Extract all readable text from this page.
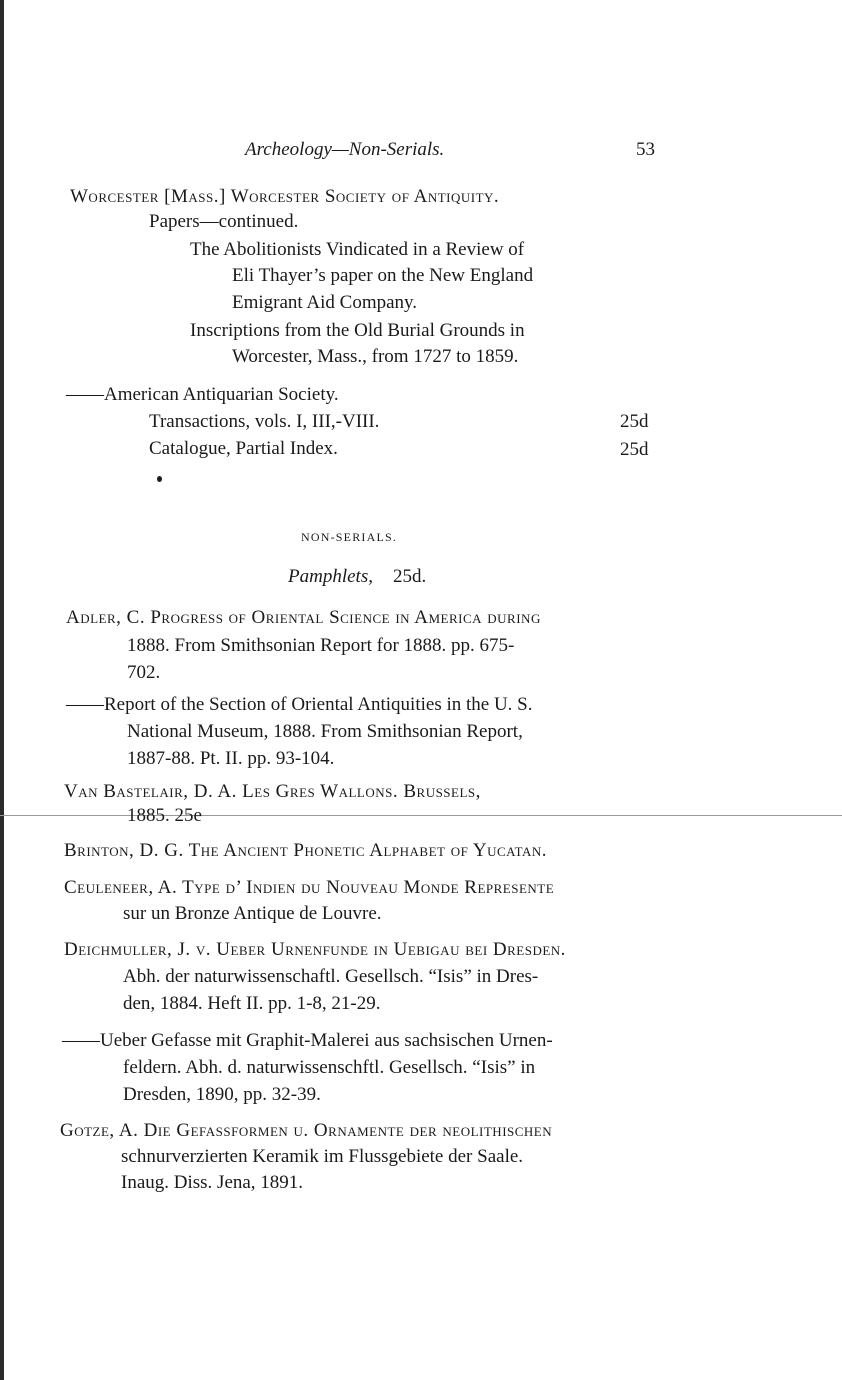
Archeology—Non-Serials.	53
Worcester [Mass.] Worcester Society of Antiquity.
Papers—continued.
The Abolitionists Vindicated in a Review of
Eli Thayer’s paper on the New England
Emigrant Aid Company.
Inscriptions from the Old Burial Grounds in
Worcester, Mass., from 1727 to 1859.
——American Antiquarian Society.
Transactions, vols. I, III,-VIII.	25d
Catalogue, Partial Index.	25d
NON-SERIALS.
Pamphlets, 25d.
Adler, C. Progress of Oriental Science in America during
1888. From Smithsonian Report for 1888. pp. 675-
702.
——Report of the Section of Oriental Antiquities in the U. S.
National Museum, 1888. From Smithsonian Report,
1887-88. Pt. II. pp. 93-104.
Van Bastelair, D. A. Les Gres Wallons. Brussels,
1885. 25e
Brinton, D. G. The Ancient Phonetic Alphabet of Yucatan.
Ceuleneer, A. Type d’ Indien du Nouveau Monde Represente
sur un Bronze Antique de Louvre.
Deichmuller, J. v. Ueber Urnenfunde in Uebigau bei Dresden.
Abh. der naturwissenschaftl. Gesellsch. “Isis” in Dres-
den, 1884. Heft II. pp. 1-8, 21-29.
——Ueber Gefasse mit Graphit-Malerei aus sachsischen Urnen-
feldern. Abh. d. naturwissenschftl. Gesellsch. “Isis” in
Dresden, 1890, pp. 32-39.
Gotze, A. Die Gefassformen u. Ornamente der neolithischen
schnurverzierten Keramik im Flussgebiete der Saale.
Inaug. Diss. Jena, 1891.
